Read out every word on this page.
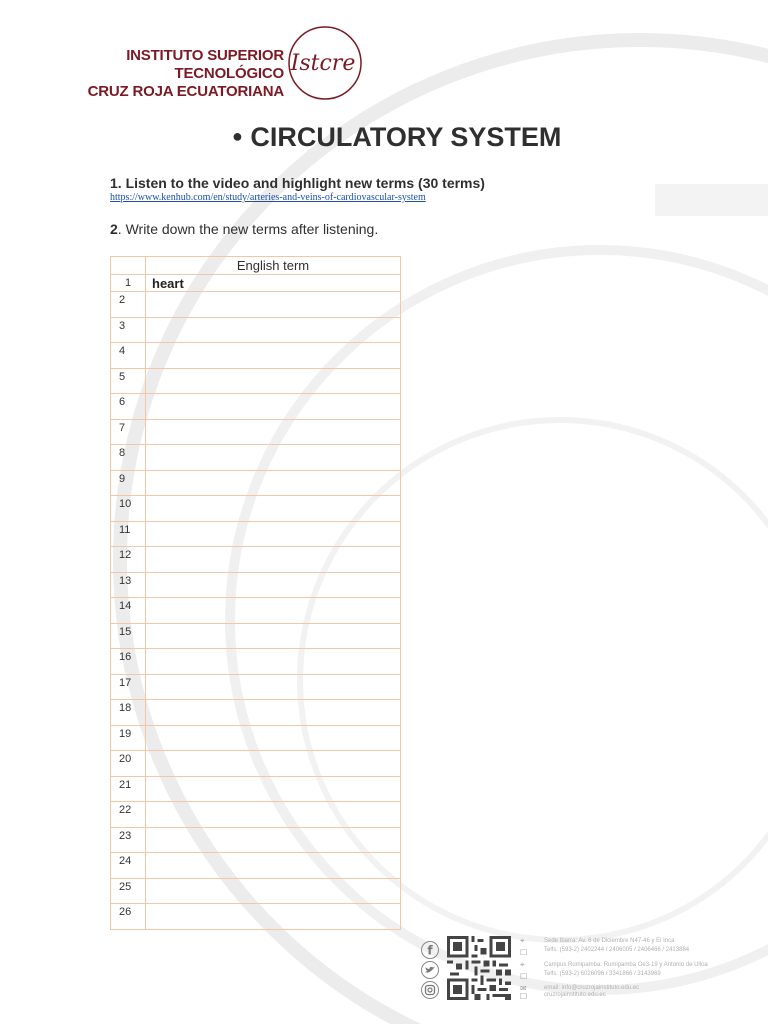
INSTITUTO SUPERIOR TECNOLÓGICO
CRUZ ROJA ECUATORIANA
Istcre
● CIRCULATORY SYSTEM
1. Listen to the video and highlight new terms (30 terms)
https://www.kenhub.com/en/study/arteries-and-veins-of-cardiovascular-system
2. Write down the new terms after listening.
	English term
1	heart
2	
3	
4	
5	
6	
7	
8	
9	
10	
11	
12	
13	
14	
15	
16	
17	
18	
19	
20	
21	
22	
23	
24	
25	
26	
f
⌖
☐
⌖
☐
✉
☐
Sede Ibarra: Av. 6 de Diciembre N47-46 y El Inca
Telfs: (593-2) 2402244 / 2406005 / 2406466 / 2413884
Campus Rumipamba: Rumipamba Oe3-19 y Antonio de Ulloa
Telfs: (593-2) 6026096 / 3341866 / 3143969
email: info@cruzrojainstituto.edu.ec
cruzrojainstituto.edu.ec
